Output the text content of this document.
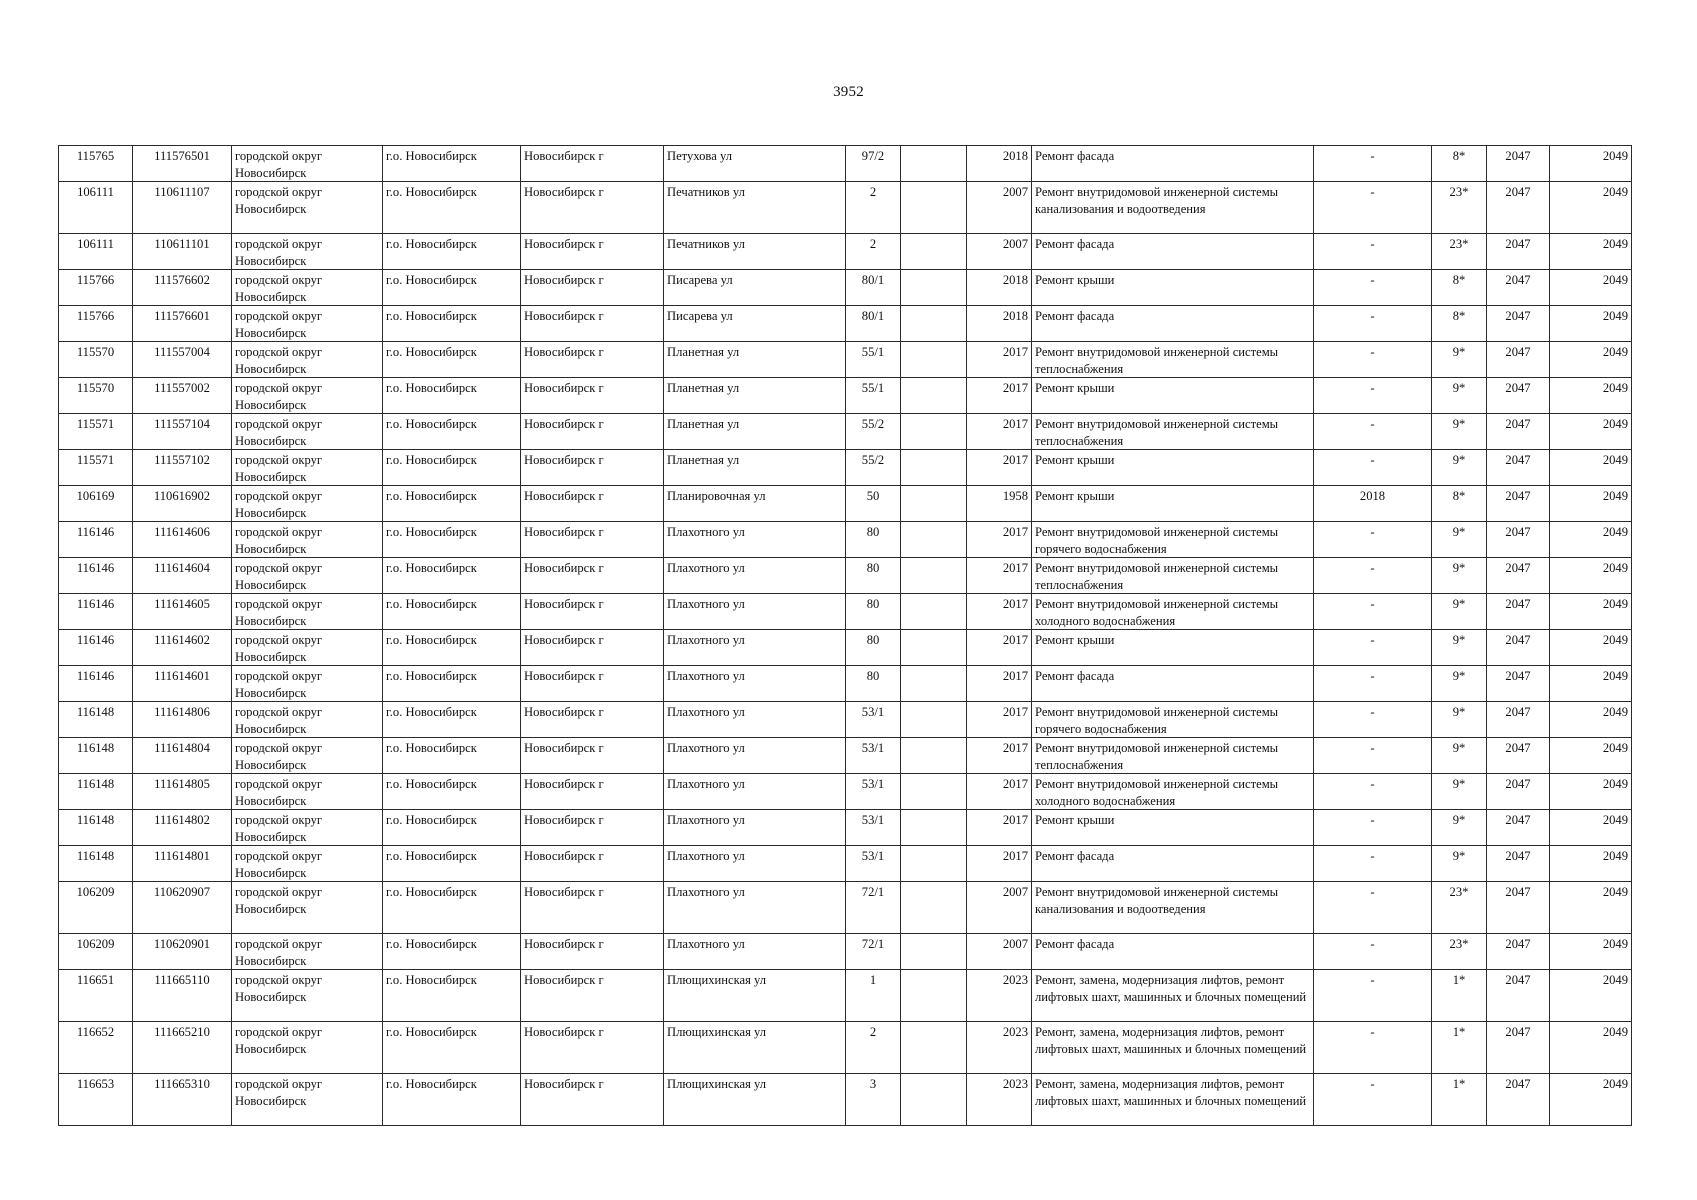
3952
115765	111576501	городской округ Новосибирск	г.о. Новосибирск	Новосибирск г	Петухова ул	97/2		2018	Ремонт фасада	-	8*	2047	2049
106111	110611107	городской округ Новосибирск	г.о. Новосибирск	Новосибирск г	Печатников ул	2		2007	Ремонт внутридомовой инженерной системы канализования и водоотведения	-	23*	2047	2049
106111	110611101	городской округ Новосибирск	г.о. Новосибирск	Новосибирск г	Печатников ул	2		2007	Ремонт фасада	-	23*	2047	2049
115766	111576602	городской округ Новосибирск	г.о. Новосибирск	Новосибирск г	Писарева ул	80/1		2018	Ремонт крыши	-	8*	2047	2049
115766	111576601	городской округ Новосибирск	г.о. Новосибирск	Новосибирск г	Писарева ул	80/1		2018	Ремонт фасада	-	8*	2047	2049
115570	111557004	городской округ Новосибирск	г.о. Новосибирск	Новосибирск г	Планетная ул	55/1		2017	Ремонт внутридомовой инженерной системы теплоснабжения	-	9*	2047	2049
115570	111557002	городской округ Новосибирск	г.о. Новосибирск	Новосибирск г	Планетная ул	55/1		2017	Ремонт крыши	-	9*	2047	2049
115571	111557104	городской округ Новосибирск	г.о. Новосибирск	Новосибирск г	Планетная ул	55/2		2017	Ремонт внутридомовой инженерной системы теплоснабжения	-	9*	2047	2049
115571	111557102	городской округ Новосибирск	г.о. Новосибирск	Новосибирск г	Планетная ул	55/2		2017	Ремонт крыши	-	9*	2047	2049
106169	110616902	городской округ Новосибирск	г.о. Новосибирск	Новосибирск г	Планировочная ул	50		1958	Ремонт крыши	2018	8*	2047	2049
116146	111614606	городской округ Новосибирск	г.о. Новосибирск	Новосибирск г	Плахотного ул	80		2017	Ремонт внутридомовой инженерной системы горячего водоснабжения	-	9*	2047	2049
116146	111614604	городской округ Новосибирск	г.о. Новосибирск	Новосибирск г	Плахотного ул	80		2017	Ремонт внутридомовой инженерной системы теплоснабжения	-	9*	2047	2049
116146	111614605	городской округ Новосибирск	г.о. Новосибирск	Новосибирск г	Плахотного ул	80		2017	Ремонт внутридомовой инженерной системы холодного водоснабжения	-	9*	2047	2049
116146	111614602	городской округ Новосибирск	г.о. Новосибирск	Новосибирск г	Плахотного ул	80		2017	Ремонт крыши	-	9*	2047	2049
116146	111614601	городской округ Новосибирск	г.о. Новосибирск	Новосибирск г	Плахотного ул	80		2017	Ремонт фасада	-	9*	2047	2049
116148	111614806	городской округ Новосибирск	г.о. Новосибирск	Новосибирск г	Плахотного ул	53/1		2017	Ремонт внутридомовой инженерной системы горячего водоснабжения	-	9*	2047	2049
116148	111614804	городской округ Новосибирск	г.о. Новосибирск	Новосибирск г	Плахотного ул	53/1		2017	Ремонт внутридомовой инженерной системы теплоснабжения	-	9*	2047	2049
116148	111614805	городской округ Новосибирск	г.о. Новосибирск	Новосибирск г	Плахотного ул	53/1		2017	Ремонт внутридомовой инженерной системы холодного водоснабжения	-	9*	2047	2049
116148	111614802	городской округ Новосибирск	г.о. Новосибирск	Новосибирск г	Плахотного ул	53/1		2017	Ремонт крыши	-	9*	2047	2049
116148	111614801	городской округ Новосибирск	г.о. Новосибирск	Новосибирск г	Плахотного ул	53/1		2017	Ремонт фасада	-	9*	2047	2049
106209	110620907	городской округ Новосибирск	г.о. Новосибирск	Новосибирск г	Плахотного ул	72/1		2007	Ремонт внутридомовой инженерной системы канализования и водоотведения	-	23*	2047	2049
106209	110620901	городской округ Новосибирск	г.о. Новосибирск	Новосибирск г	Плахотного ул	72/1		2007	Ремонт фасада	-	23*	2047	2049
116651	111665110	городской округ Новосибирск	г.о. Новосибирск	Новосибирск г	Плющихинская ул	1		2023	Ремонт, замена, модернизация лифтов, ремонт лифтовых шахт, машинных и блочных помещений	-	1*	2047	2049
116652	111665210	городской округ Новосибирск	г.о. Новосибирск	Новосибирск г	Плющихинская ул	2		2023	Ремонт, замена, модернизация лифтов, ремонт лифтовых шахт, машинных и блочных помещений	-	1*	2047	2049
116653	111665310	городской округ Новосибирск	г.о. Новосибирск	Новосибирск г	Плющихинская ул	3		2023	Ремонт, замена, модернизация лифтов, ремонт лифтовых шахт, машинных и блочных помещений	-	1*	2047	2049
